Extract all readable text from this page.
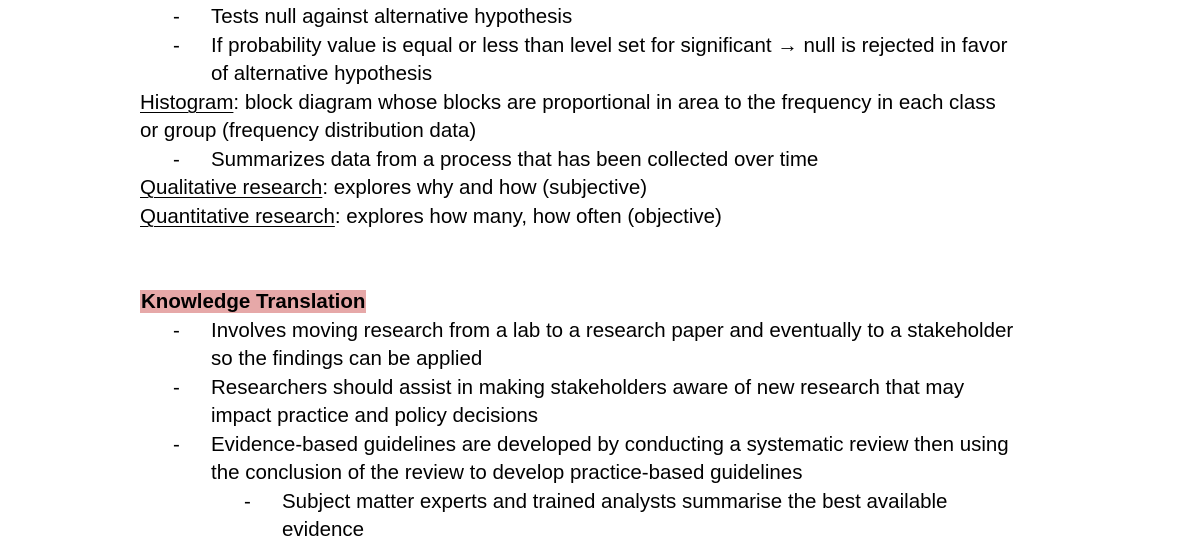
- Tests null against alternative hypothesis
- If probability value is equal or less than level set for significant → null is rejected in favor
of alternative hypothesis
Histogram: block diagram whose blocks are proportional in area to the frequency in each class
or group (frequency distribution data)
- Summarizes data from a process that has been collected over time
Qualitative research: explores why and how (subjective)
Quantitative research: explores how many, how often (objective)
Knowledge Translation
- Involves moving research from a lab to a research paper and eventually to a stakeholder
so the findings can be applied
- Researchers should assist in making stakeholders aware of new research that may
impact practice and policy decisions
- Evidence-based guidelines are developed by conducting a systematic review then using
the conclusion of the review to develop practice-based guidelines
- Subject matter experts and trained analysts summarise the best available
evidence
